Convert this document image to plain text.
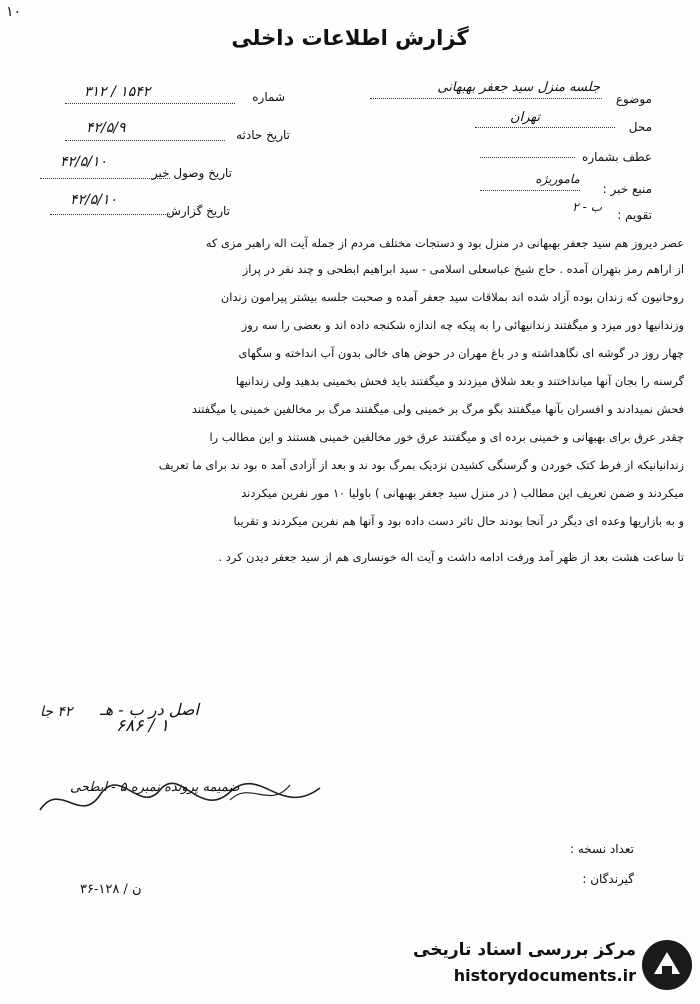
۱۰
گزارش اطلاعات داخلی
شماره
۳۱۲ / ۱۵۴۲
تاریخ حادثه
۴۲/۵/۹
تاریخ وصول خبر
۴۲/۵/۱۰
تاریخ گزارش
۴۲/۵/۱۰
موضوع
جلسه منزل سید جعفر بهبهانی
محل
تهران
عطف بشماره
منبع خبر :
ماموریژه
تقویم :
ب - ۲
عصر دیروز هم سید جعفر بهبهانی در منزل بود و دستجات مختلف مردم از جمله آیت اله راهبر مزی که
از اراهم رمز بتهران آمده . حاج شیخ عباسعلی اسلامی - سید ابراهیم ابطحی و چند نفر در پراز
روحانیون که زندان بوده آزاد شده اند بملاقات سید جعفر آمده و صحبت جلسه بیشتر پیرامون زندان
وزندانیها دور میزد و میگفتند زندانیهائی را به پیکه چه اندازه شکنجه داده اند و بعضی را سه روز
چهار روز در گوشه ای نگاهداشته و در باغ مهران در حوض های خالی بدون آب انداخته و سگهای
گرسنه را بجان آنها میانداختند و بعد شلاق میزدند و میگفتند باید فحش بخمینی بدهید ولی زندانیها
فحش نمیدادند و افسران بآنها میگفتند بگو مرگ بر خمینی ولی میگفتند مرگ بر مخالفین خمینی یا میگفتند
چقدر عرق برای بهبهانی و خمینی برده ای و میگفتند عرق خور مخالفین خمینی هستند و این مطالب را
زندانیانیکه از فرط کتک خوردن و گرسنگی کشیدن نزدیک بمرگ بود ند و بعد از آزادی آمد ه بود ند برای ما تعریف
میکردند و ضمن تعریف این مطالب ( در منزل سید جعفر بهبهانی ) باولیا ۱۰ مور نفرین میکردند
و به بازاریها وعده ای دیگر در آنجا بودند حال تاثر دست داده بود و آنها هم نفرین میکردند و تقریبا
تا ساعت هشت بعد از ظهر آمد ورفت ادامه داشت و آیت اله خونساری هم از سید جعفر دیدن کرد .
اصل در ب - هـ
۶۸۶ / ۱
۴۲ جا
ضمیمه پرونده نمبره ۵ - ابطحی
تعداد نسخه :
گیرندگان :
۳۶-۱۲۸ / ن
مرکز بررسی اسناد تاریخی
historydocuments.ir
